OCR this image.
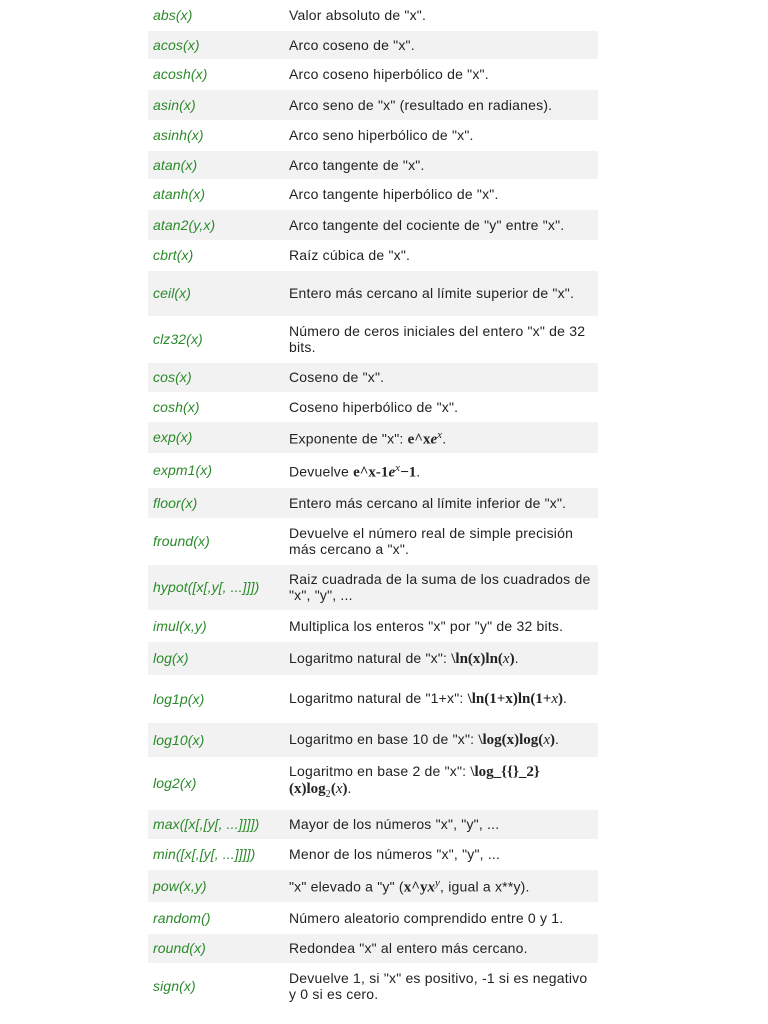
abs(x)	Valor absoluto de "x".
acos(x)	Arco coseno de "x".
acosh(x)	Arco coseno hiperbólico de "x".
asin(x)	Arco seno de "x" (resultado en radianes).
asinh(x)	Arco seno hiperbólico de "x".
atan(x)	Arco tangente de "x".
atanh(x)	Arco tangente hiperbólico de "x".
atan2(y,x)	Arco tangente del cociente de "y" entre "x".
cbrt(x)	Raíz cúbica de "x".
ceil(x)	Entero más cercano al límite superior de "x".
clz32(x)	Número de ceros iniciales del entero "x" de 32 bits.
cos(x)	Coseno de "x".
cosh(x)	Coseno hiperbólico de "x".
exp(x)	Exponente de "x": $e\^{}xe^x$.
expm1(x)	Devuelve $e\^{}x-1e^x-1$.
floor(x)	Entero más cercano al límite inferior de "x".
fround(x)	Devuelve el número real de simple precisión más cercano a "x".
hypot([x[,y[, ...]]])	Raiz cuadrada de la suma de los cuadrados de "x", "y", ...
imul(x,y)	Multiplica los enteros "x" por "y" de 32 bits.
log(x)	Logaritmo natural de "x": \ln(x)ln(x).
log1p(x)	Logaritmo natural de "1+x": \ln(1+x)ln(1+x).
log10(x)	Logaritmo en base 10 de "x": \log(x)log(x).
log2(x)	Logaritmo en base 2 de "x": $\backslash\log\_\{\{\}\_2\}(x)\log_2(x)$.
max([x[,[y[, ...]]]])	Mayor de los números "x", "y", ...
min([x[,[y[, ...]]]])	Menor de los números "x", "y", ...
pow(x,y)	"x" elevado a "y" ($x\^{}yx^y$, igual a x**y).
random()	Número aleatorio comprendido entre 0 y 1.
round(x)	Redondea "x" al entero más cercano.
sign(x)	Devuelve 1, si "x" es positivo, -1 si es negativo y 0 si es cero.
